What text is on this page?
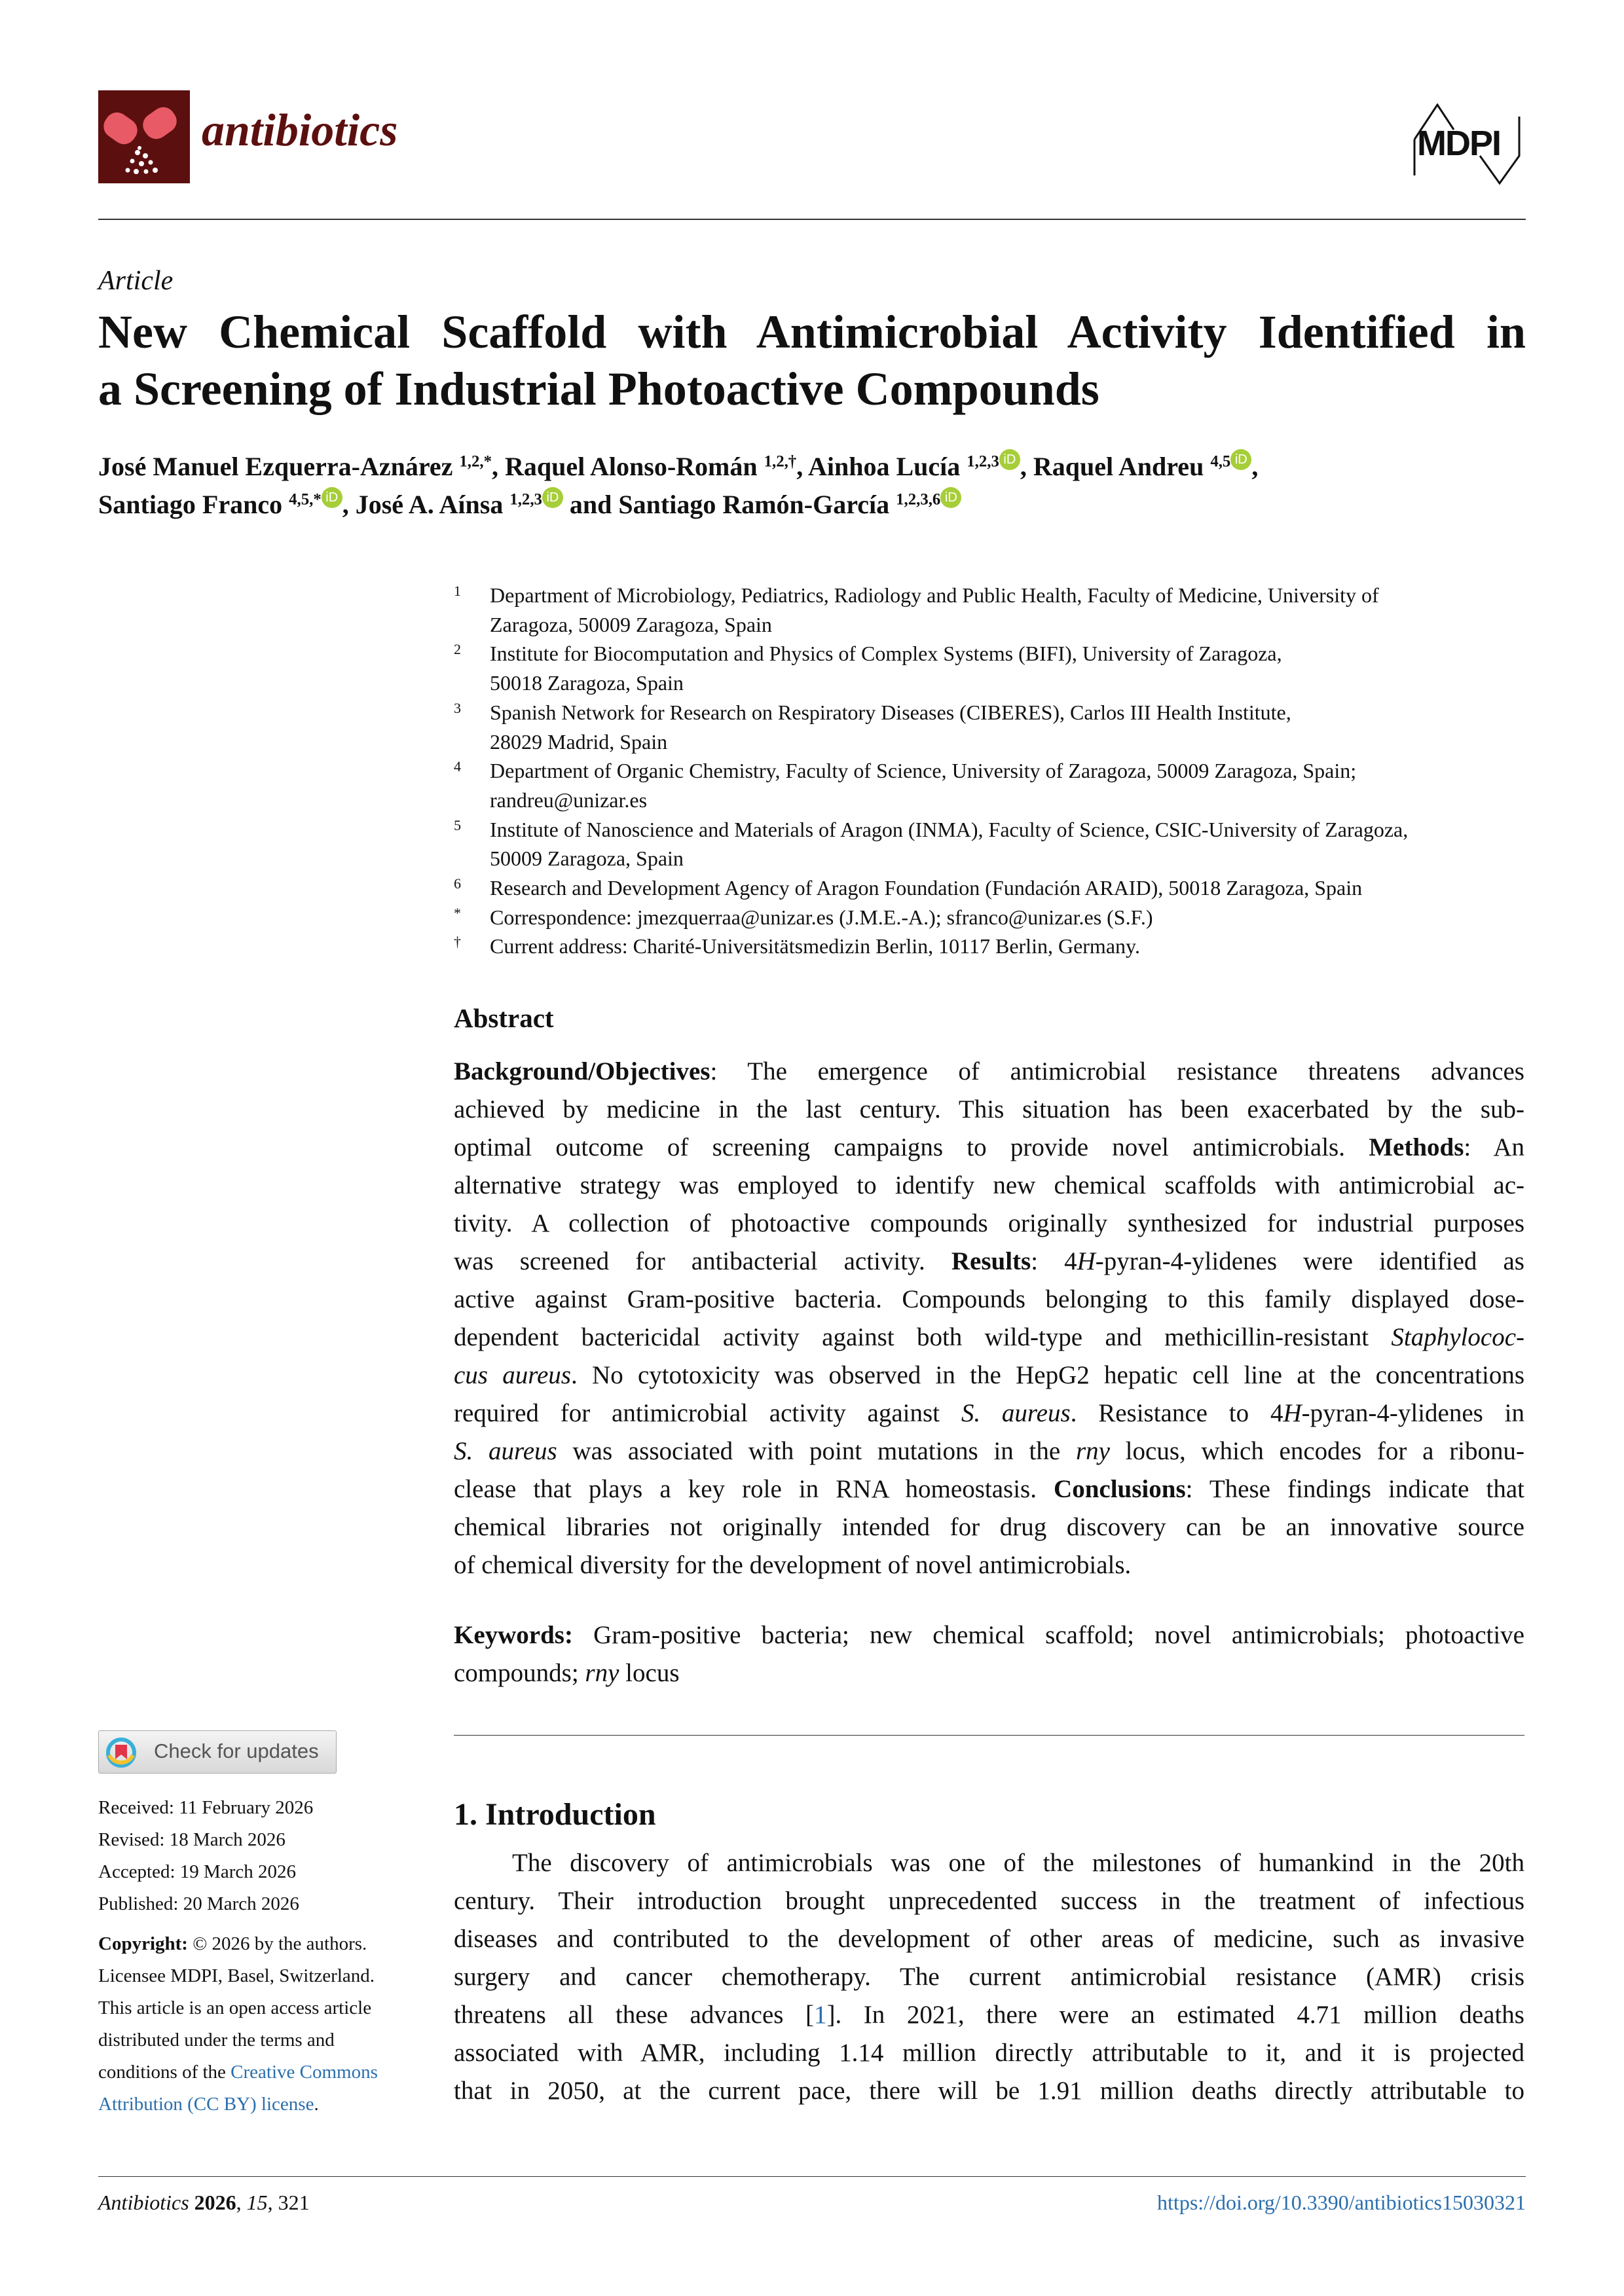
antibiotics	MDPI
Article
New Chemical Scaffold with Antimicrobial Activity Identified in
a Screening of Industrial Photoactive Compounds
José Manuel Ezquerra-Aznárez $^{1,2,*}$, Raquel Alonso-Román $^{1,2,\dagger}$, Ainhoa Lucía $^{1,2,3}$ iD , Raquel Andreu $^{4,5}$ iD ,
Santiago Franco $^{4,5,*}$ iD , José A. Aínsa $^{1,2,3}$ iD and Santiago Ramón-García $^{1,2,3,6}$ iD
1 Department of Microbiology, Pediatrics, Radiology and Public Health, Faculty of Medicine, University of
Zaragoza, 50009 Zaragoza, Spain
2 Institute for Biocomputation and Physics of Complex Systems (BIFI), University of Zaragoza,
50018 Zaragoza, Spain
3 Spanish Network for Research on Respiratory Diseases (CIBERES), Carlos III Health Institute,
28029 Madrid, Spain
4 Department of Organic Chemistry, Faculty of Science, University of Zaragoza, 50009 Zaragoza, Spain;
randreu@unizar.es
5 Institute of Nanoscience and Materials of Aragon (INMA), Faculty of Science, CSIC-University of Zaragoza,
50009 Zaragoza, Spain
6 Research and Development Agency of Aragon Foundation (Fundación ARAID), 50018 Zaragoza, Spain
* Correspondence: jmezquerraa@unizar.es (J.M.E.-A.); sfranco@unizar.es (S.F.)
† Current address: Charité-Universitätsmedizin Berlin, 10117 Berlin, Germany.
Abstract
Background/Objectives: The emergence of antimicrobial resistance threatens advances
achieved by medicine in the last century. This situation has been exacerbated by the sub-
optimal outcome of screening campaigns to provide novel antimicrobials. Methods: An
alternative strategy was employed to identify new chemical scaffolds with antimicrobial ac-
tivity. A collection of photoactive compounds originally synthesized for industrial purposes
was screened for antibacterial activity. Results: 4H-pyran-4-ylidenes were identified as
active against Gram-positive bacteria. Compounds belonging to this family displayed dose-
dependent bactericidal activity against both wild-type and methicillin-resistant Staphylococ-
cus aureus. No cytotoxicity was observed in the HepG2 hepatic cell line at the concentrations
required for antimicrobial activity against S. aureus. Resistance to 4H-pyran-4-ylidenes in
S. aureus was associated with point mutations in the rny locus, which encodes for a ribonu-
clease that plays a key role in RNA homeostasis. Conclusions: These findings indicate that
chemical libraries not originally intended for drug discovery can be an innovative source
of chemical diversity for the development of novel antimicrobials.
Keywords: Gram-positive bacteria; new chemical scaffold; novel antimicrobials; photoactive
compounds; rny locus
1. Introduction
The discovery of antimicrobials was one of the milestones of humankind in the 20th
century. Their introduction brought unprecedented success in the treatment of infectious
diseases and contributed to the development of other areas of medicine, such as invasive
surgery and cancer chemotherapy. The current antimicrobial resistance (AMR) crisis
threatens all these advances [1]. In 2021, there were an estimated 4.71 million deaths
associated with AMR, including 1.14 million directly attributable to it, and it is projected
that in 2050, at the current pace, there will be 1.91 million deaths directly attributable to
Check for updates
Received: 11 February 2026
Revised: 18 March 2026
Accepted: 19 March 2026
Published: 20 March 2026
Copyright: © 2026 by the authors.
Licensee MDPI, Basel, Switzerland.
This article is an open access article
distributed under the terms and
conditions of the Creative Commons
Attribution (CC BY) license.
Antibiotics 2026, 15, 321	https://doi.org/10.3390/antibiotics15030321
